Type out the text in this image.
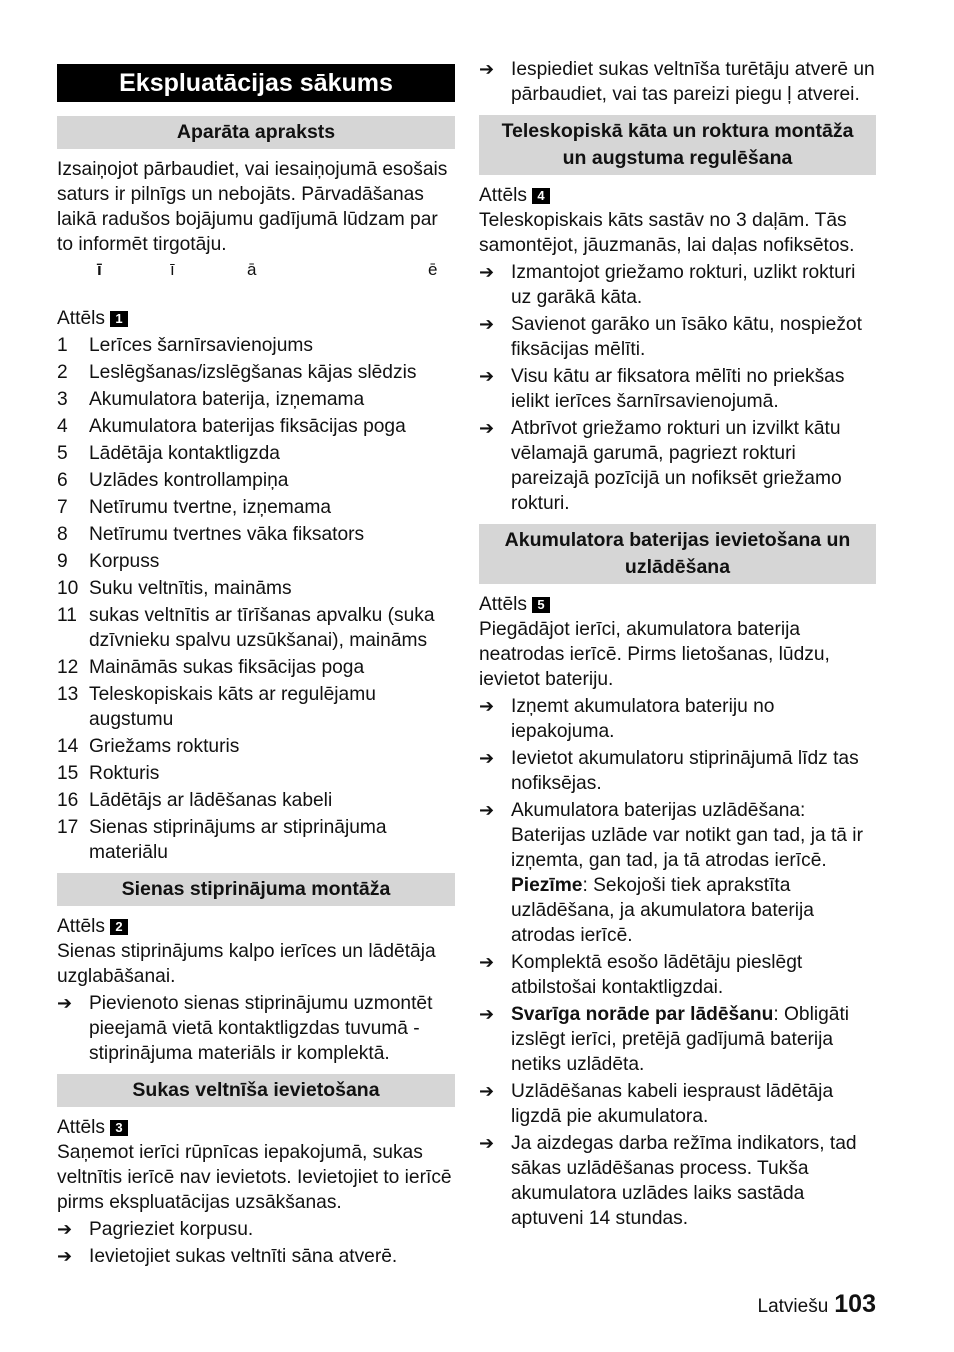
Ekspluatācijas sākums
Aparāta apraksts

Izsaiņojot pārbaudiet, vai iesaiņojumā esošais saturs ir pilnīgs un nebojāts. Pārvadāšanas laikā radušos bojājumu gadījumā lūdzam par to informēt tirgotāju.

ī	ī	ā	ē
Attēls 1
1	Lerīces šarnīrsavienojums
2	Leslēgšanas/izslēgšanas kājas slēdzis
3	Akumulatora baterija, izņemama
4	Akumulatora baterijas fiksācijas poga
5	Lādētāja kontaktligzda
6	Uzlādes kontrollampiņa
7	Netīrumu tvertne, izņemama
8	Netīrumu tvertnes vāka fiksators
9	Korpuss
10 Suku veltnītis, maināms
11 sukas veltnītis ar tīrīšanas apvalku (suka dzīvnieku spalvu uzsūkšanai), maināms
12 Maināmās sukas fiksācijas poga
13 Teleskopiskais kāts ar regulējamu augstumu
14 Griežams rokturis
15 Rokturis
16 Lādētājs ar lādēšanas kabeli
17 Sienas stiprinājums ar stiprinājuma materiālu
Sienas stiprinājuma montāža
Attēls 2

Sienas stiprinājums kalpo ierīces un lādētāja uzglabāšanai.

➔ Pievienoto sienas stiprinājumu uzmontēt pieejamā vietā kontaktligzdas tuvumā - stiprinājuma materiāls ir komplektā.
Sukas veltnīša ievietošana
Attēls 3

Saņemot ierīci rūpnīcas iepakojumā, sukas veltnītis ierīcē nav ievietots. Ievietojiet to ierīcē pirms ekspluatācijas uzsākšanas.

➔ Pagrieziet korpusu.
➔ Ievietojiet sukas veltnīti sāna atverē.
➔ Iespiediet sukas veltnīša turētāju atverē un pārbaudiet, vai tas pareizi piegu ļ atverei.
Teleskopiskā kāta un roktura montāža un augstuma regulēšana
Attēls 4

Teleskopiskais kāts sastāv no 3 daļām. Tās samontējot, jāuzmanās, lai daļas nofiksētos.

➔ Izmantojot griežamo rokturi, uzlikt rokturi uz garākā kāta.
➔ Savienot garāko un īsāko kātu, nospiežot fiksācijas mēlīti.
➔ Visu kātu ar fiksatora mēlīti no priekšas ielikt ierīces šarnīrsavienojumā.
➔ Atbrīvot griežamo rokturi un izvilkt kātu vēlamajā garumā, pagriezt rokturi pareizajā pozīcijā un nofiksēt griežamo rokturi.
Akumulatora baterijas ievietošana un uzlādēšana
Attēls 5

Piegādājot ierīci, akumulatora baterija neatrodas ierīcē. Pirms lietošanas, lūdzu, ievietot bateriju.

➔ Izņemt akumulatora bateriju no iepakojuma.
➔ Ievietot akumulatoru stiprinājumā līdz tas nofiksējas.
➔ Akumulatora baterijas uzlādēšana: Baterijas uzlāde var notikt gan tad, ja tā ir izņemta, gan tad, ja tā atrodas ierīcē. Piezīme: Sekojoši tiek aprakstīta uzlādēšana, ja akumulatora baterija atrodas ierīcē.
➔ Komplektā esošo lādētāju pieslēgt atbilstošai kontaktligzdai.
➔ Svarīga norāde par lādēšanu: Obligāti izslēgt ierīci, pretējā gadījumā baterija netiks uzlādēta.
➔ Uzlādēšanas kabeli iespraust lādētāja ligzdā pie akumulatora.
➔ Ja aizdegas darba režīma indikators, tad sākas uzlādēšanas process. Tukša akumulatora uzlādes laiks sastāda aptuveni 14 stundas.
Latviešu 103
